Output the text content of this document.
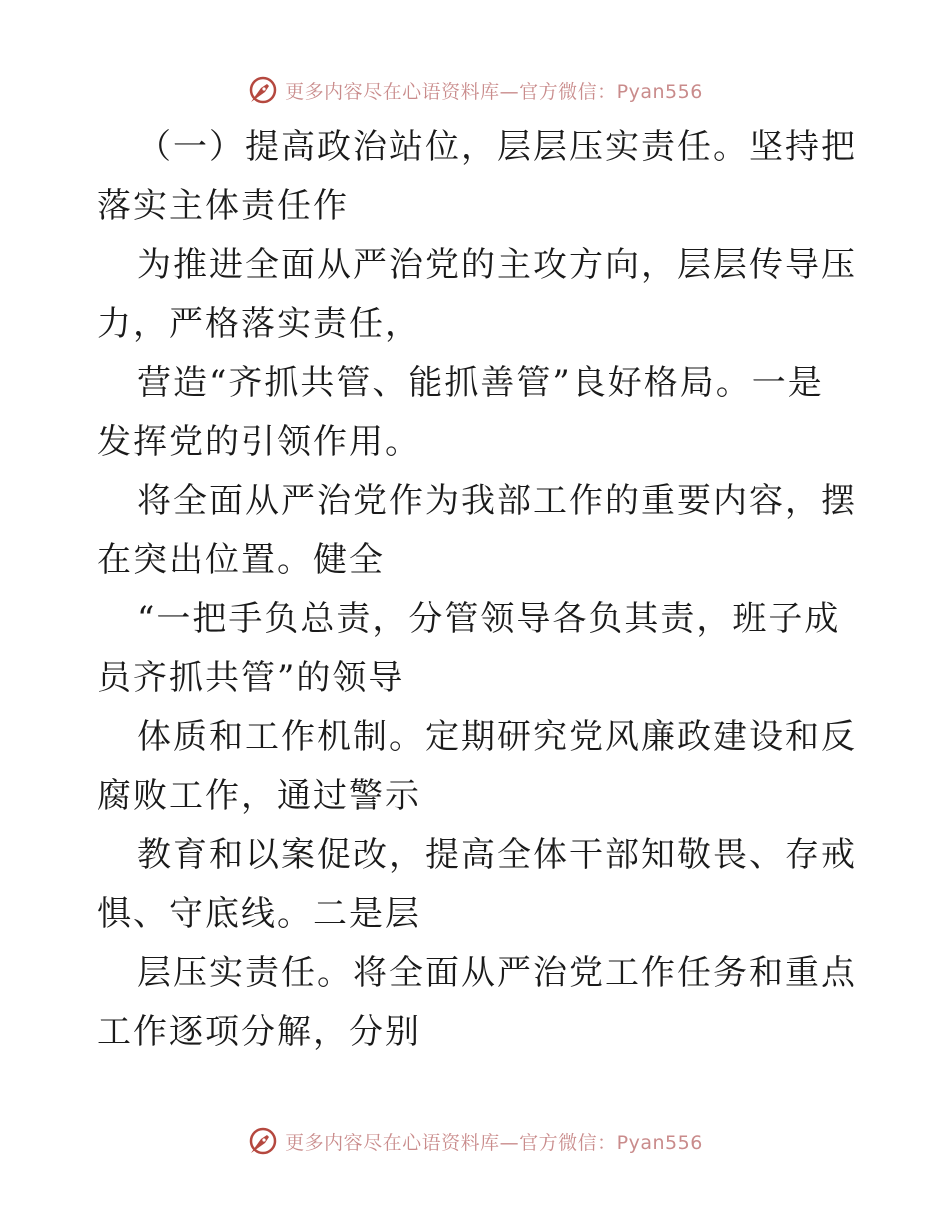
更多内容尽在心语资料库—官方微信：Pyan556

（一）提高政治站位，层层压实责任。坚持把落实主体责任作

为推进全面从严治党的主攻方向，层层传导压力，严格落实责任，

营造“齐抓共管、能抓善管”良好格局。一是发挥党的引领作用。

将全面从严治党作为我部工作的重要内容，摆在突出位置。健全

“一把手负总责，分管领导各负其责，班子成员齐抓共管”的领导

体质和工作机制。定期研究党风廉政建设和反腐败工作，通过警示

教育和以案促改，提高全体干部知敬畏、存戒惧、守底线。二是层

层压实责任。将全面从严治党工作任务和重点工作逐项分解，分别

更多内容尽在心语资料库—官方微信：Pyan556
